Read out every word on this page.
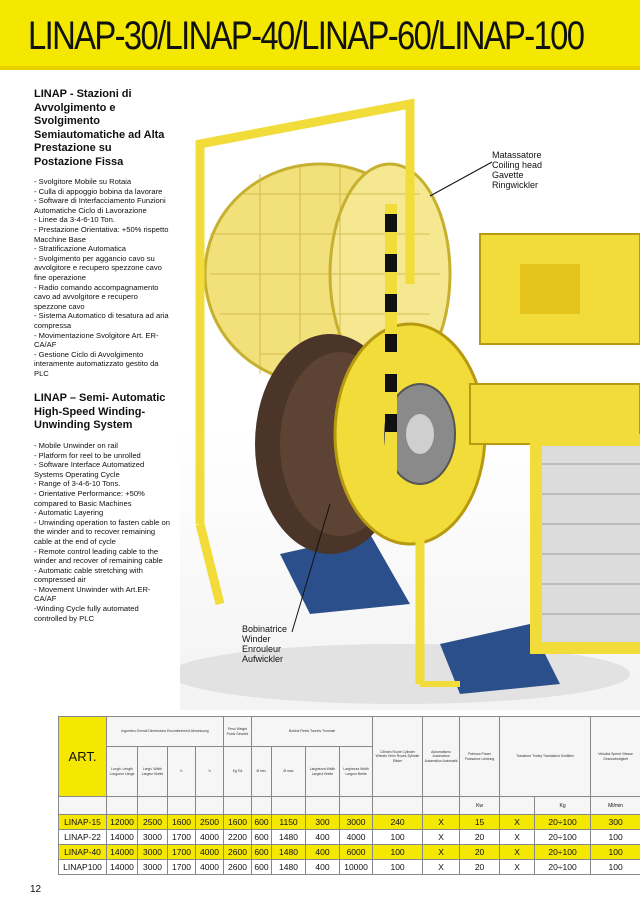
LINAP-30/LINAP-40/LINAP-60/LINAP-100
LINAP - Stazioni di Avvolgimento e Svolgimento Semiautomatiche ad Alta Prestazione su Postazione Fissa
- Svolgitore Mobile su Rotaia
- Culla di appoggio bobina da lavorare
- Software di Interfacciamento Funzioni Automatiche Ciclo di Lavorazione
- Linee da 3-4-6-10 Ton.
- Prestazione Orientativa: +50% rispetto Macchine Base
- Stratificazione Automatica
- Svolgimento per aggancio cavo su avvolgitore e recupero spezzone cavo fine operazione
- Radio comando accompagnamento cavo ad avvolgitore e recupero spezzone cavo
- Sistema Automatico di tesatura ad aria compressa
- Movimentazione Svolgitore Art. ER-CA/AF
- Gestione Ciclo di Avvolgimento interamente automatizzato gestito da PLC
LINAP – Semi- Automatic High-Speed Winding-Unwinding System
- Mobile Unwinder on rail
- Platform for reel to be unrolled
- Software Interface Automatized Systems Operating Cycle
- Range of 3-4-6-10 Tons.
- Orientative Performance: +50% compared to Basic Machines
- Automatic Layering
- Unwinding operation to fasten cable on the winder and to recover remaining cable at the end of cycle
- Remote control leading cable to the winder and recover of remaining cable
- Automatic cable stretching with compressed air
- Movement Unwinder with Art.ER-CA/AF
-Winding Cycle fully automated controlled by PLC
Matassatore
Coiling head
Gavette
Ringwickler
Bobinatrice
Winder
Enrouleur
Aufwickler
ART.	Ingombro Overall Dimensions Encombrement Abmessung				Peso Weight Poids Gewicht	Bobine Reels Tourets Trommel				Cilindro Ruote Cylinder Wheels Vérin Roues Zylinder Räder	Automatismo Automation Automation Automatik	Potenza Power Puissance Leistung	Traslatore Trolley Translateur Schlitten		Velocità Speed Vitesse Geschwindigkeit
	Lungh. Length Longueur Länge	Largh. Width Largeur Breite	h	h	Kg Tot	Ø min.	Ø max	Larghezza Width Largeur Breite	Larghezza Width Largeur Breite						
												Kw		Kg	Mt/min
LINAP-15	12000	2500	1600	2500	1600	600	1150	300	3000	240	X	15	X	20÷100	300
LINAP-22	14000	3000	1700	4000	2200	600	1480	400	4000	100	X	20	X	20÷100	100
LINAP-40	14000	3000	1700	4000	2600	600	1480	400	6000	100	X	20	X	20÷100	100
LINAP100	14000	3000	1700	4000	2600	600	1480	400	10000	100	X	20	X	20÷100	100
12
